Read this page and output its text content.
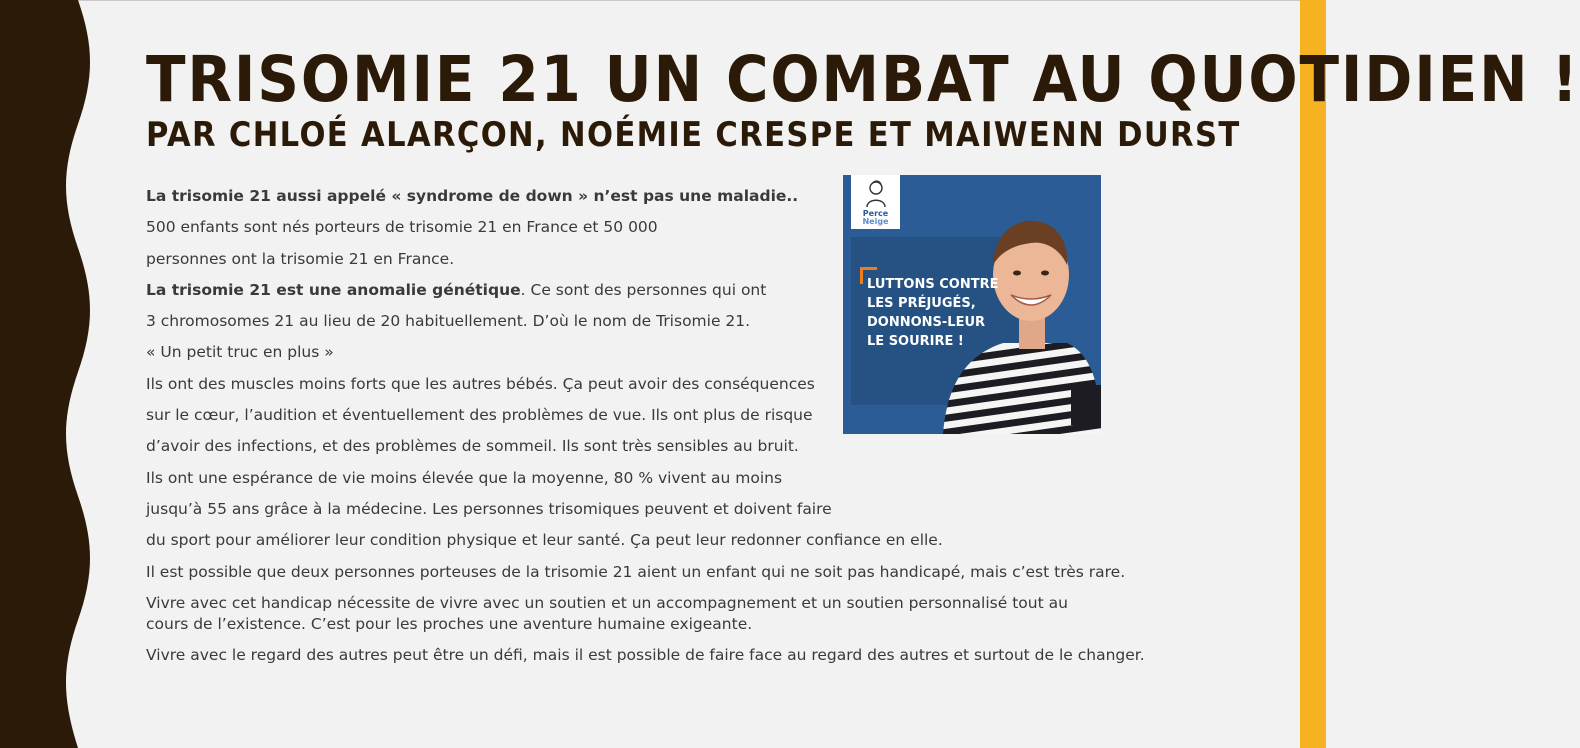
TRISOMIE 21 UN COMBAT AU QUOTIDIEN !
PAR CHLOÉ ALARÇON, NOÉMIE CRESPE ET MAIWENN DURST

La trisomie 21 aussi appelé « syndrome de down » n’est pas une maladie..

500 enfants sont nés porteurs de trisomie 21 en France et 50 000

personnes ont la trisomie 21 en France.

La trisomie 21 est une anomalie génétique. Ce sont des personnes qui ont

3 chromosomes 21 au lieu de 20 habituellement. D’où le nom de Trisomie 21.

« Un petit truc en plus »

Ils ont des muscles moins forts que les autres bébés. Ça peut avoir des conséquences

sur le cœur, l’audition et éventuellement des problèmes de vue. Ils ont plus de risque

d’avoir des infections, et des problèmes de sommeil. Ils sont très sensibles au bruit.

Ils ont une espérance de vie moins élevée que la moyenne, 80 % vivent au moins

jusqu’à 55 ans grâce à la médecine. Les personnes trisomiques peuvent et doivent faire

du sport pour améliorer leur condition physique et leur santé. Ça peut leur redonner confiance en elle.

Il est possible que deux personnes porteuses de la trisomie 21 aient un enfant qui ne soit pas handicapé, mais c’est très rare.

Vivre avec cet handicap nécessite de vivre avec un soutien et un accompagnement et un soutien personnalisé tout au cours de l’existence. C’est pour les proches une aventure humaine exigeante.

Vivre avec le regard des autres peut être un défi, mais il est possible de faire face au regard des autres et surtout de le changer.

LUTTONS CONTRE
LES PRÉJUGÉS,
DONNONS-LEUR
LE SOURIRE !
Perce
Neige
